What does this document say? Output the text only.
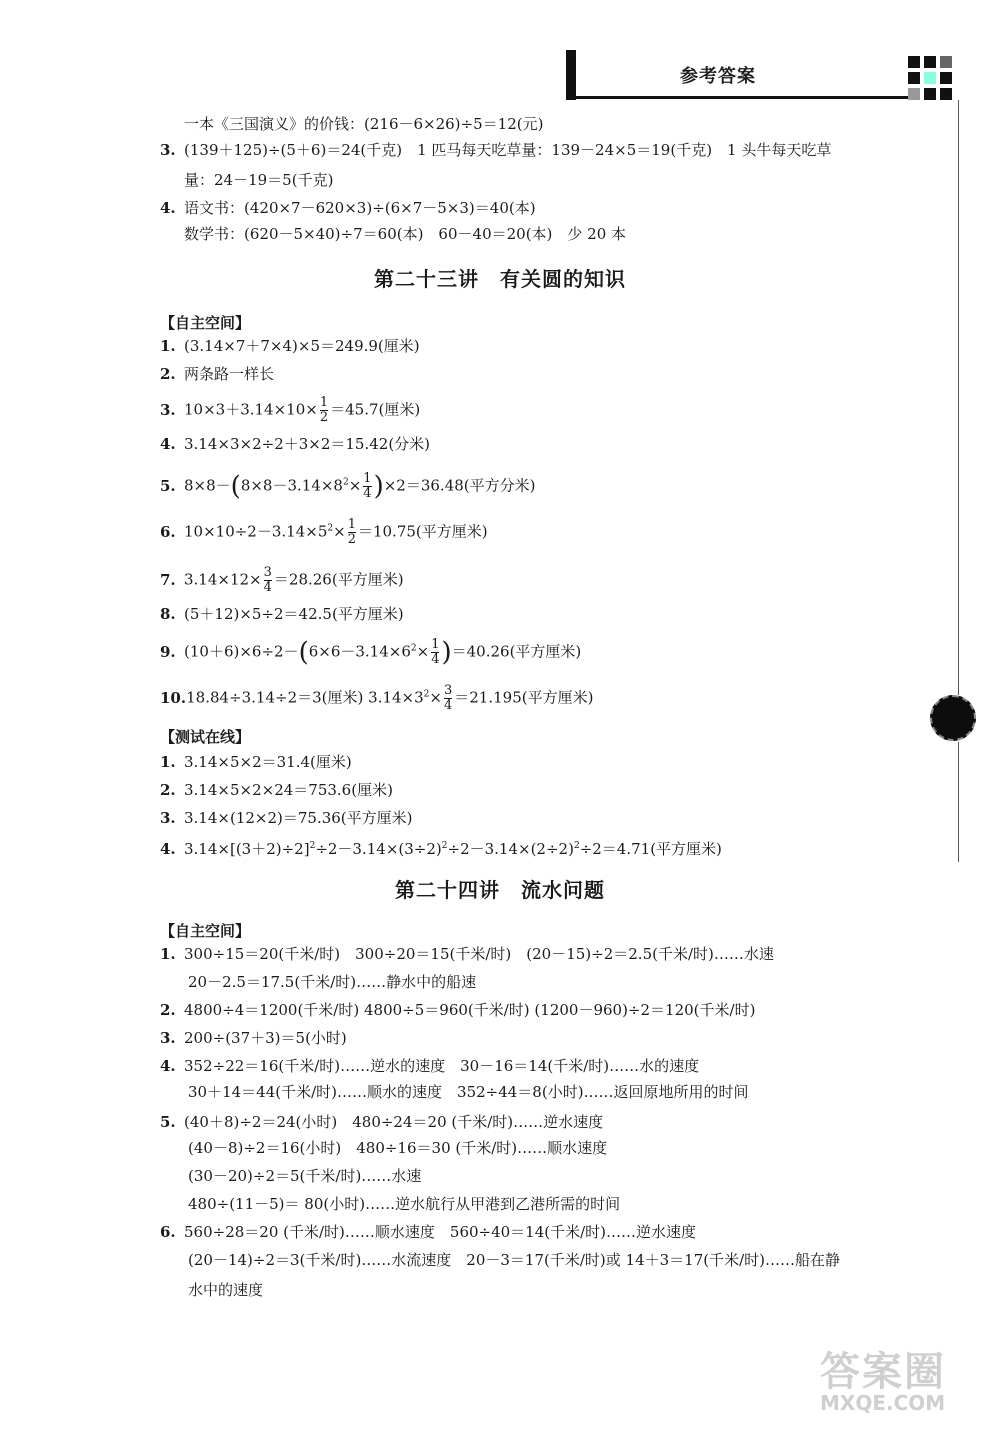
参考答案
一本《三国演义》的价钱：(216－6×26)÷5＝12(元)
3. (139＋125)÷(5＋6)＝24(千克)　1 匹马每天吃草量：139－24×5＝19(千克)　1 头牛每天吃草
量：24－19＝5(千克)
4. 语文书：(420×7－620×3)÷(6×7－5×3)＝40(本)
数学书：(620－5×40)÷7＝60(本)　60－40＝20(本)　少 20 本
第二十三讲　有关圆的知识
【自主空间】
1. (3.14×7＋7×4)×5＝249.9(厘米)
2. 两条路一样长
3. $10\times 3+3.14\times 10\times \frac{1}{2} =45.7$(厘米)
4. 3.14×3×2÷2＋3×2＝15.42(分米)
5. $8\times 8-(8\times 8-3.14\times 8^2\times \frac{1}{4} )\times 2=36.48$(平方分米)
6. $10\times 10\div 2-3.14\times 5^2\times \frac{1}{2} =10.75$(平方厘米)
7. $3.14\times 12\times \frac{3}{4} =28.26$(平方厘米)
8. (5＋12)×5÷2＝42.5(平方厘米)
9. $(10+6)\times 6\div 2-(6\times 6-3.14\times 6^2\times \frac{1}{4} )=40.26$(平方厘米)
10.18.84÷3.14÷2＝3(厘米) $3.14\times 3^2\times \frac{3}{4} =21.195$(平方厘米)
【测试在线】
1. 3.14×5×2＝31.4(厘米)
2. 3.14×5×2×24＝753.6(厘米)
3. 3.14×(12×2)＝75.36(平方厘米)
4. $3.14\times[(3+2)\div 2]^2\div 2-3.14\times(3\div 2)^2\div 2-3.14\times(2\div 2)^2\div 2=4.71$(平方厘米)
第二十四讲　流水问题
【自主空间】
1. 300÷15＝20(千米/时)　300÷20＝15(千米/时)　(20－15)÷2＝2.5(千米/时)……水速
20－2.5＝17.5(千米/时)……静水中的船速
2. 4800÷4＝1200(千米/时) 4800÷5＝960(千米/时) (1200－960)÷2＝120(千米/时)
3. 200÷(37＋3)＝5(小时)
4. 352÷22＝16(千米/时)……逆水的速度　30－16＝14(千米/时)……水的速度
30＋14＝44(千米/时)……顺水的速度　352÷44＝8(小时)……返回原地所用的时间
5. (40＋8)÷2＝24(小时)　480÷24＝20 (千米/时)……逆水速度
(40－8)÷2＝16(小时)　480÷16＝30 (千米/时)……顺水速度
(30－20)÷2＝5(千米/时)……水速
480÷(11－5)＝ 80(小时)……逆水航行从甲港到乙港所需的时间
6. 560÷28＝20 (千米/时)……顺水速度　560÷40＝14(千米/时)……逆水速度
(20－14)÷2＝3(千米/时)……水流速度　20－3＝17(千米/时)或 14＋3＝17(千米/时)……船在静
水中的速度
答案圈
MXQE.COM
